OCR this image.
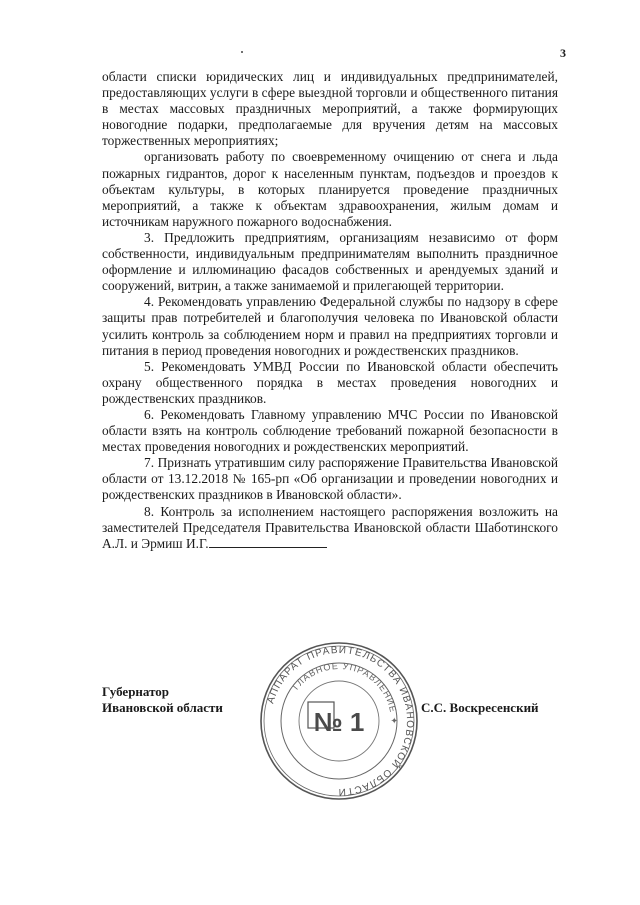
3

области списки юридических лиц и индивидуальных предпринимателей, предоставляющих услуги в сфере выездной торговли и общественного питания в местах массовых праздничных мероприятий, а также формирующих новогодние подарки, предполагаемые для вручения детям на массовых торжественных мероприятиях;

организовать работу по своевременному очищению от снега и льда пожарных гидрантов, дорог к населенным пунктам, подъездов и проездов к объектам культуры, в которых планируется проведение праздничных мероприятий, а также к объектам здравоохранения, жилым домам и источникам наружного пожарного водоснабжения.

3. Предложить предприятиям, организациям независимо от форм собственности, индивидуальным предпринимателям выполнить праздничное оформление и иллюминацию фасадов собственных и арендуемых зданий и сооружений, витрин, а также занимаемой и прилегающей территории.

4. Рекомендовать управлению Федеральной службы по надзору в сфере защиты прав потребителей и благополучия человека по Ивановской области усилить контроль за соблюдением норм и правил на предприятиях торговли и питания в период проведения новогодних и рождественских праздников.

5. Рекомендовать УМВД России по Ивановской области обеспечить охрану общественного порядка в местах проведения новогодних и рождественских праздников.

6. Рекомендовать Главному управлению МЧС России по Ивановской области взять на контроль соблюдение требований пожарной безопасности в местах проведения новогодних и рождественских мероприятий.

7. Признать утратившим силу распоряжение Правительства Ивановской области от 13.12.2018 № 165-рп «Об организации и проведении новогодних и рождественских праздников в Ивановской области».

8. Контроль за исполнением настоящего распоряжения возложить на заместителей Председателя Правительства Ивановской области Шаботинского А.Л. и Эрмиш И.Г.

Губернатор
Ивановской области
АППАРАТ ПРАВИТЕЛЬСТВА ИВАНОВСКОЙ ОБЛАСТИ
ГЛАВНОЕ УПРАВЛЕНИЕ ✦
№ 1	С.С. Воскресенский
